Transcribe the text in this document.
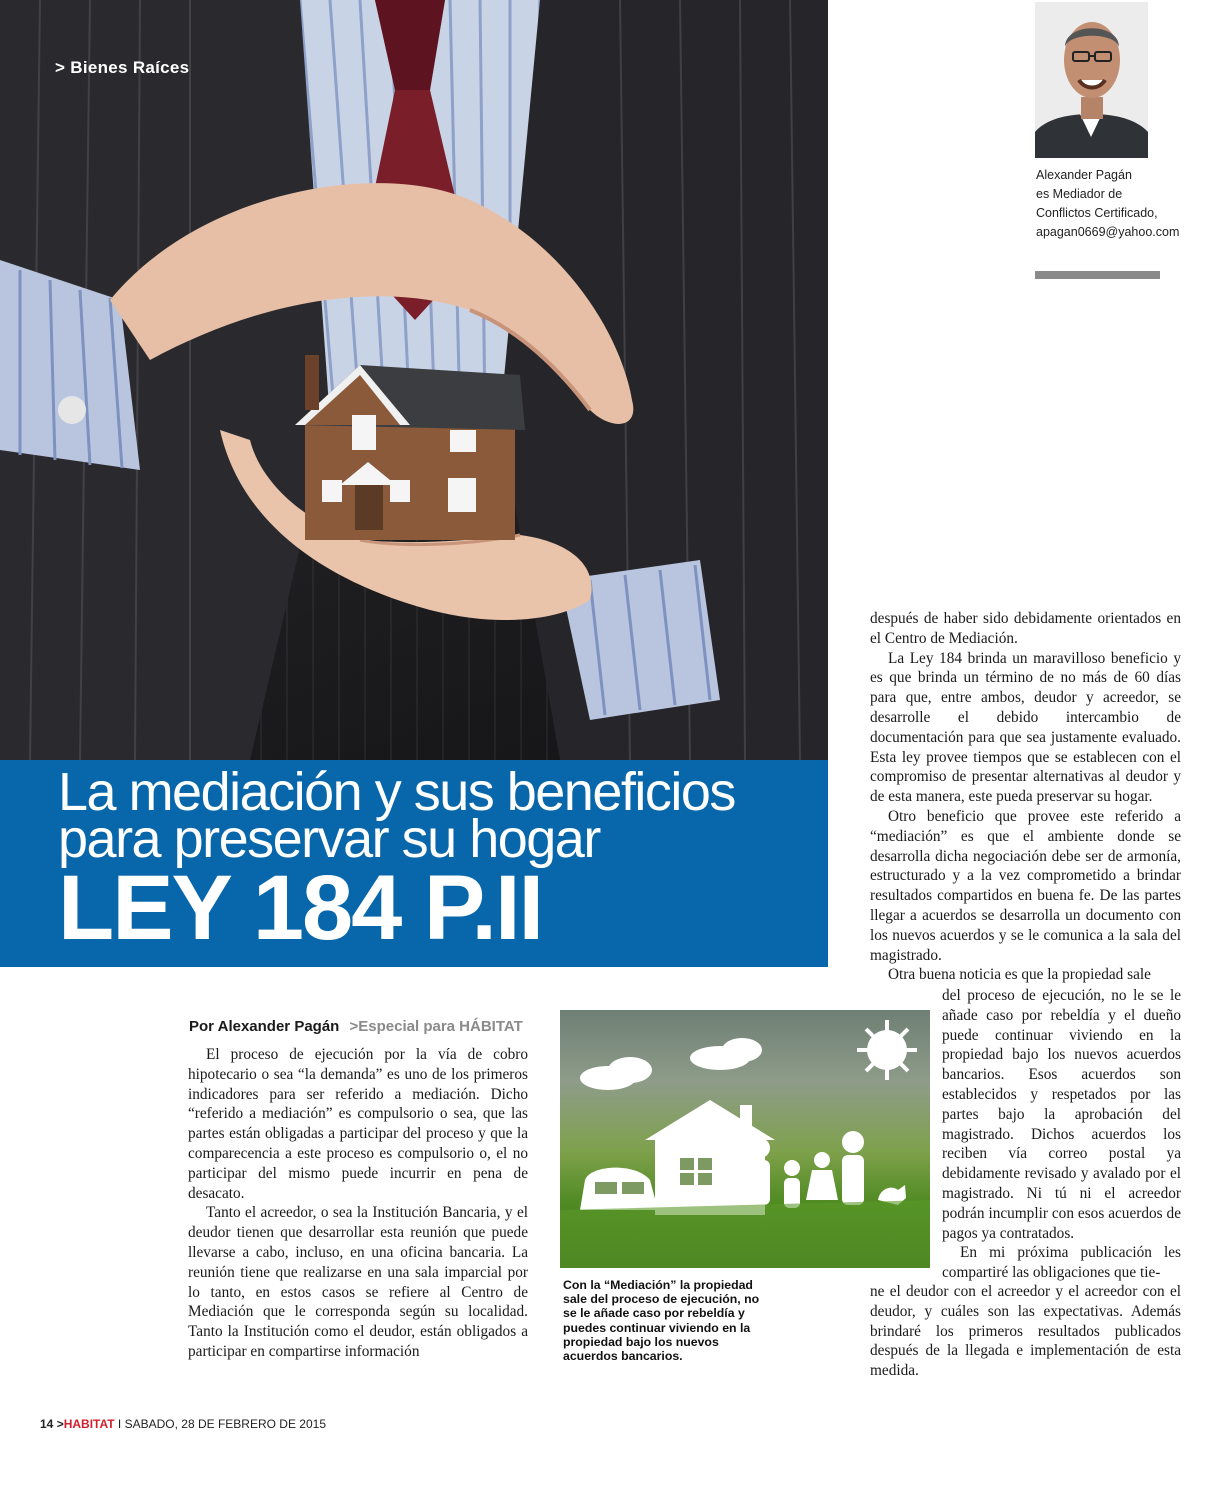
> Bienes Raíces
La mediación y sus beneficios
para preservar su hogar
LEY 184 P.II
Alexander Pagán
es Mediador de
Conflictos Certificado,
apagan0669@yahoo.com
Por Alexander Pagán >Especial para HÁBITAT

El proceso de ejecución por la vía de cobro hipotecario o sea “la demanda” es uno de los primeros indicadores para ser referido a mediación. Dicho “referido a mediación” es compulsorio o sea, que las partes están obligadas a participar del proceso y que la comparecencia a este proceso es compulsorio o, el no participar del mismo puede incurrir en pena de desacato.

Tanto el acreedor, o sea la Institución Bancaria, y el deudor tienen que desarrollar esta reunión que puede llevarse a cabo, incluso, en una oficina bancaria. La reunión tiene que realizarse en una sala imparcial por lo tanto, en estos casos se refiere al Centro de Mediación que le corresponda según su localidad. Tanto la Institución como el deudor, están obligados a participar en compartirse información

Con la “Mediación” la propiedad sale del proceso de ejecución, no se le añade caso por rebeldía y puedes continuar viviendo en la propiedad bajo los nuevos acuerdos bancarios.

después de haber sido debidamente orientados en el Centro de Mediación.

La Ley 184 brinda un maravilloso beneficio y es que brinda un término de no más de 60 días para que, entre ambos, deudor y acreedor, se desarrolle el debido intercambio de documentación para que sea justamente evaluado. Esta ley provee tiempos que se establecen con el compromiso de presentar alternativas al deudor y de esta manera, este pueda preservar su hogar.

Otro beneficio que provee este referido a “mediación” es que el ambiente donde se desarrolla dicha negociación debe ser de armonía, estructurado y a la vez comprometido a brindar resultados compartidos en buena fe. De las partes llegar a acuerdos se desarrolla un documento con los nuevos acuerdos y se le comunica a la sala del magistrado.

Otra buena noticia es que la propiedad sale

del proceso de ejecución, no le se le añade caso por rebeldía y el dueño puede continuar viviendo en la propiedad bajo los nuevos acuerdos bancarios. Esos acuerdos son establecidos y respetados por las partes bajo la aprobación del magistrado. Dichos acuerdos los reciben vía correo postal ya debidamente revisado y avalado por el magistrado. Ni tú ni el acreedor podrán incumplir con esos acuerdos de pagos ya contratados.

En mi próxima publicación les compartiré las obligaciones que tie-

ne el deudor con el acreedor y el acreedor con el deudor, y cuáles son las expectativas. Además brindaré los primeros resultados publicados después de la llegada e implementación de esta medida.

14 >HABITAT I SABADO, 28 DE FEBRERO DE 2015
